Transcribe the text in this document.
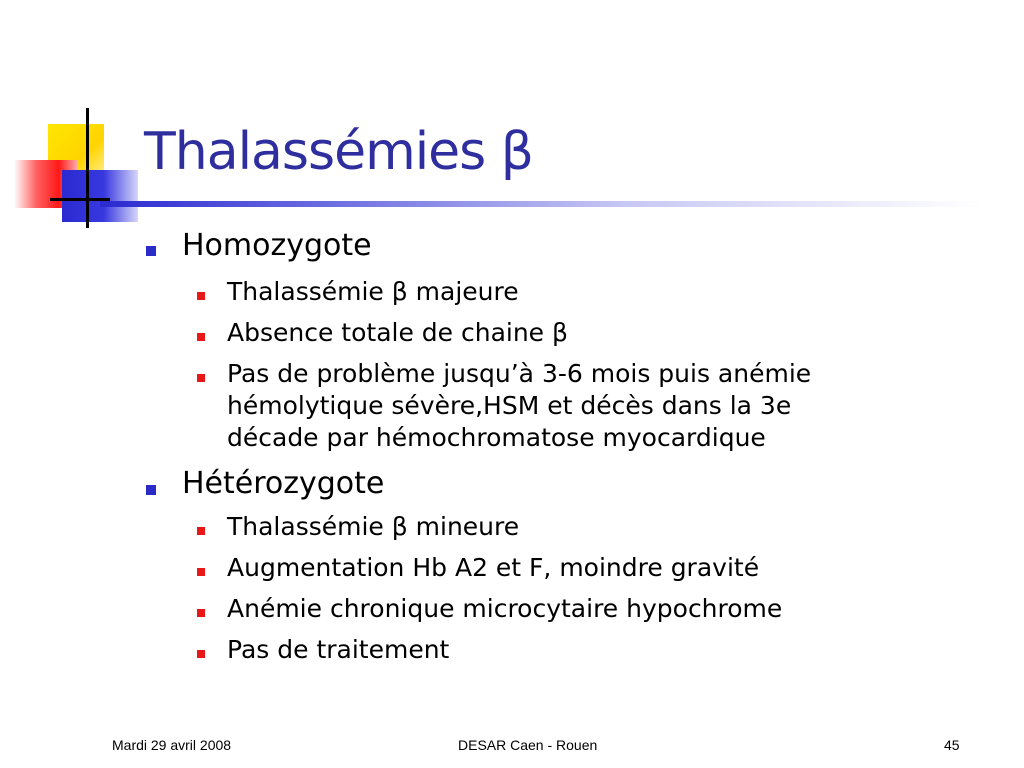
Thalassémies β
Homozygote
Thalassémie β majeure
Absence totale de chaine β
Pas de problème jusqu’à 3-6 mois puis anémie
hémolytique sévère,HSM et décès dans la 3e
décade par hémochromatose myocardique
Hétérozygote
Thalassémie β mineure
Augmentation Hb A2 et F, moindre gravité
Anémie chronique microcytaire hypochrome
Pas de traitement
Mardi 29 avril 2008	DESAR Caen - Rouen	45
